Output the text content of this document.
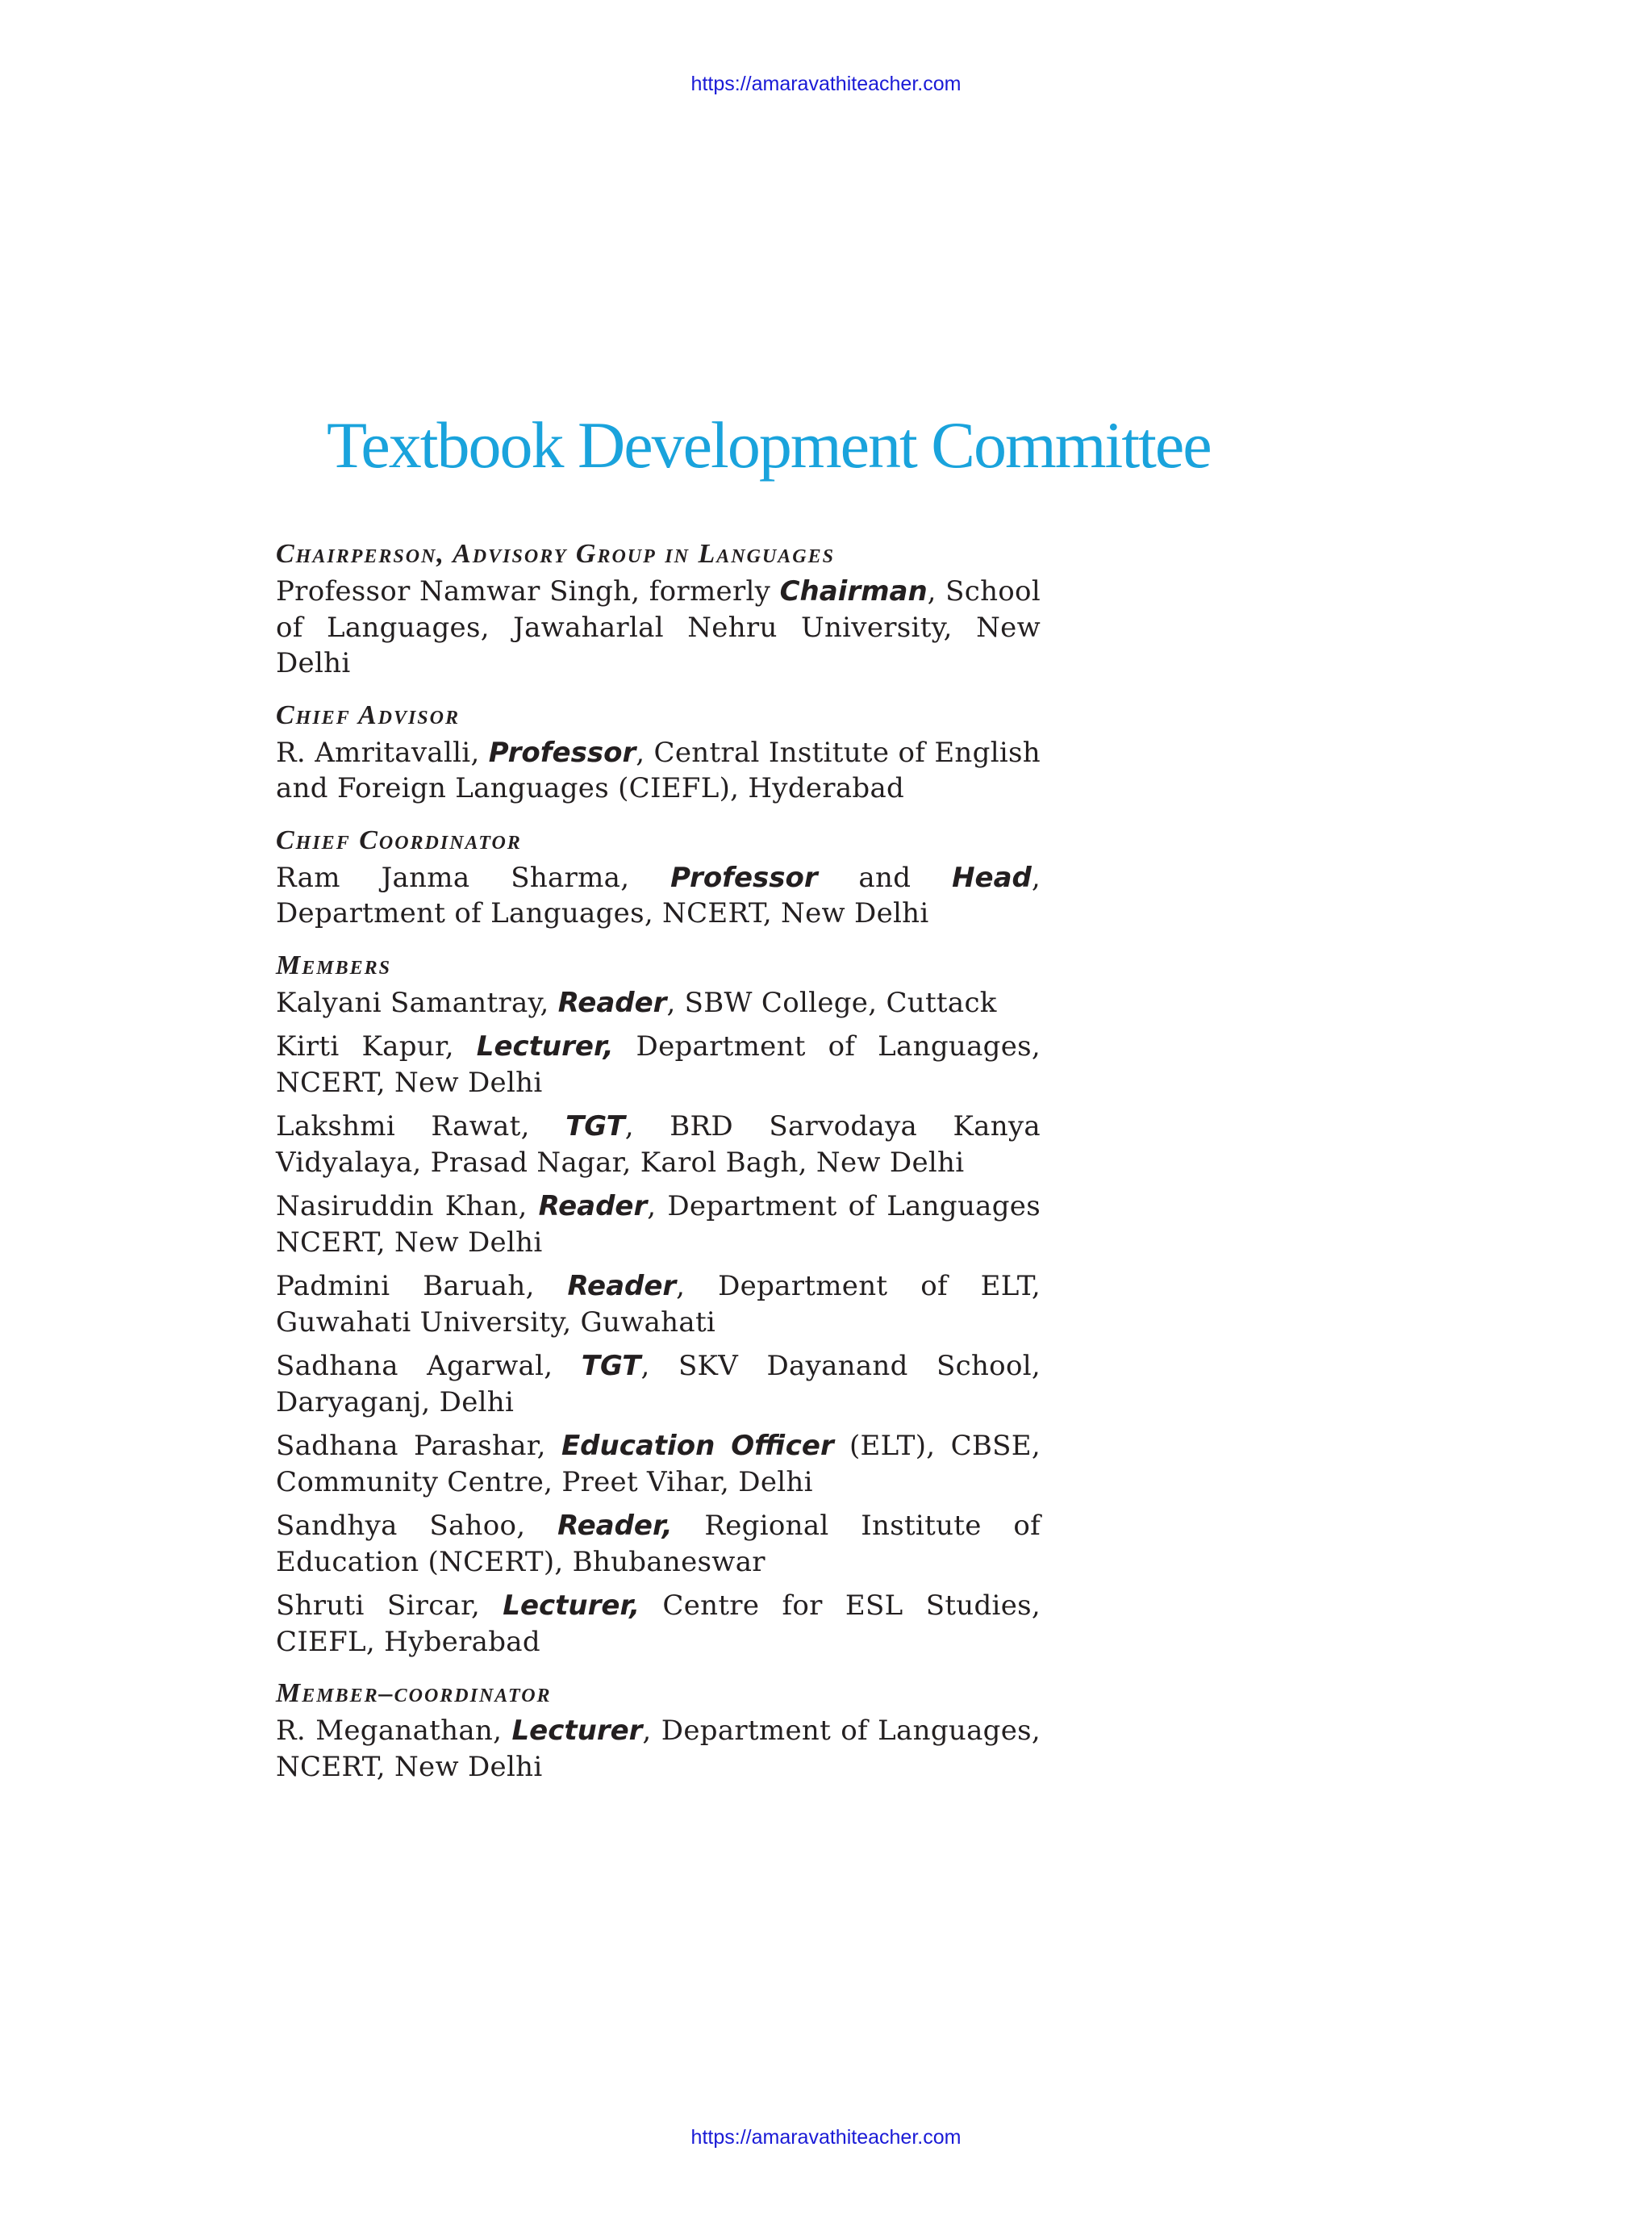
https://amaravathiteacher.com
Textbook Development Committee

Chairperson, Advisory Group in Languages

Professor Namwar Singh, formerly Chairman, School of Languages, Jawaharlal Nehru University, New Delhi

Chief Advisor

R. Amritavalli, Professor, Central Institute of English and Foreign Languages (CIEFL), Hyderabad

Chief Coordinator

Ram Janma Sharma, Professor and Head, Department of Languages, NCERT, New Delhi

Members

Kalyani Samantray, Reader, SBW College, Cuttack

Kirti Kapur, Lecturer, Department of Languages, NCERT, New Delhi

Lakshmi Rawat, TGT, BRD Sarvodaya Kanya Vidyalaya, Prasad Nagar, Karol Bagh, New Delhi

Nasiruddin Khan, Reader, Department of Languages NCERT, New Delhi

Padmini Baruah, Reader, Department of ELT, Guwahati University, Guwahati

Sadhana Agarwal, TGT, SKV Dayanand School, Daryaganj, Delhi

Sadhana Parashar, Education Officer (ELT), CBSE, Community Centre, Preet Vihar, Delhi

Sandhya Sahoo, Reader, Regional Institute of Education (NCERT), Bhubaneswar

Shruti Sircar, Lecturer, Centre for ESL Studies, CIEFL, Hyberabad

Member–coordinator

R. Meganathan, Lecturer, Department of Languages, NCERT, New Delhi

https://amaravathiteacher.com
